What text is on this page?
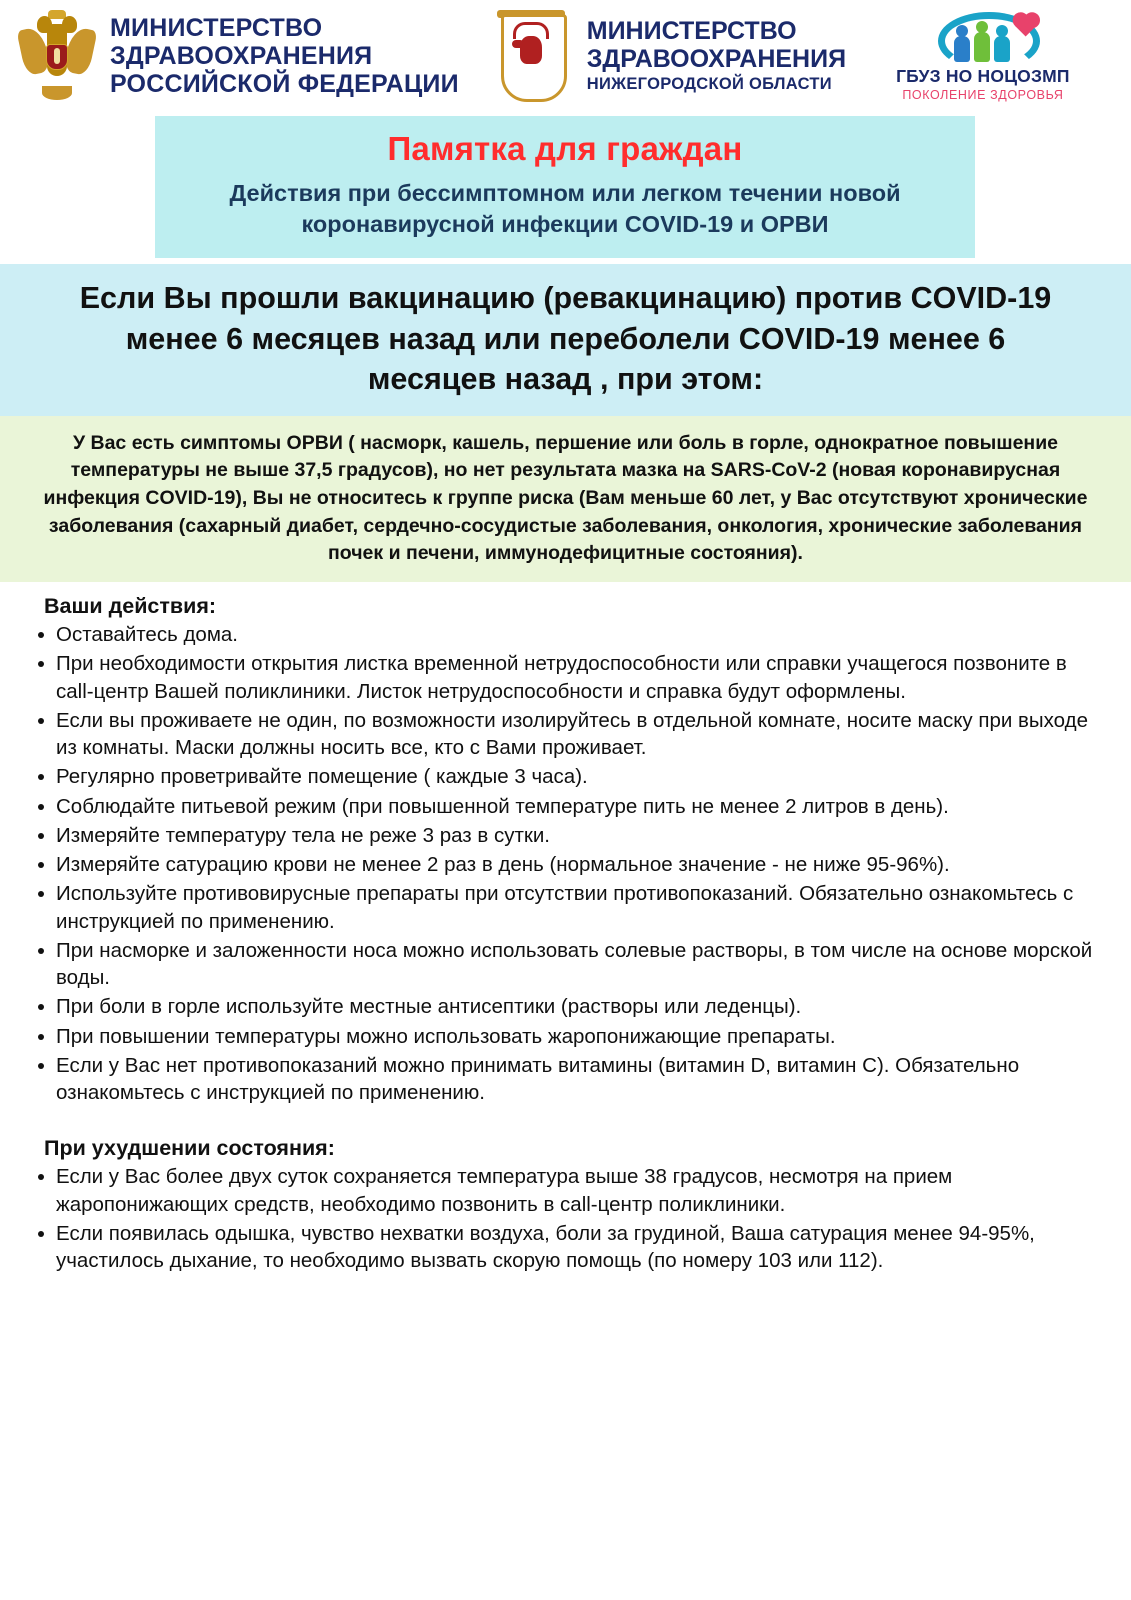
МИНИСТЕРСТВО
ЗДРАВООХРАНЕНИЯ
РОССИЙСКОЙ ФЕДЕРАЦИИ
МИНИСТЕРСТВО
ЗДРАВООХРАНЕНИЯ
НИЖЕГОРОДСКОЙ ОБЛАСТИ	ГБУЗ НО НОЦОЗМП
ПОКОЛЕНИЕ ЗДОРОВЬЯ
Памятка для граждан
Действия при бессимптомном или легком течении новой
коронавирусной инфекции COVID-19 и ОРВИ
Если Вы прошли вакцинацию (ревакцинацию) против COVID-19
менее 6 месяцев назад или переболели COVID-19 менее 6
месяцев назад , при этом:
У Вас есть симптомы ОРВИ ( насморк, кашель, першение или боль в горле, однократное повышение температуры не выше 37,5 градусов), но нет результата мазка на SARS-CoV-2 (новая коронавирусная инфекция COVID-19), Вы не относитесь к группе риска (Вам меньше 60 лет, у Вас отсутствуют хронические заболевания (сахарный диабет, сердечно-сосудистые заболевания, онкология, хронические заболевания почек и печени, иммунодефицитные состояния).
Ваши действия:
Оставайтесь дома.
При необходимости открытия листка временной нетрудоспособности или справки учащегося позвоните в call-центр Вашей поликлиники. Листок нетрудоспособности и справка будут оформлены.
Если вы проживаете не один, по возможности изолируйтесь в отдельной комнате, носите маску при выходе из комнаты. Маски должны носить все, кто с Вами проживает.
Регулярно проветривайте помещение ( каждые 3 часа).
Соблюдайте питьевой режим (при повышенной температуре пить не менее 2 литров в день).
Измеряйте температуру тела не реже 3 раз в сутки.
Измеряйте сатурацию крови не менее 2 раз в день (нормальное значение - не ниже 95-96%).
Используйте противовирусные препараты при отсутствии противопоказаний. Обязательно ознакомьтесь с инструкцией по применению.
При насморке и заложенности носа можно использовать солевые растворы, в том числе на основе морской воды.
При боли в горле используйте местные антисептики (растворы или леденцы).
При повышении температуры можно использовать жаропонижающие препараты.
Если у Вас нет противопоказаний можно принимать витамины (витамин D, витамин С). Обязательно ознакомьтесь с инструкцией по применению.
При ухудшении состояния:
Если у Вас более двух суток сохраняется температура выше 38 градусов, несмотря на прием жаропонижающих средств, необходимо позвонить в call-центр поликлиники.
Если появилась одышка, чувство нехватки воздуха, боли за грудиной, Ваша сатурация менее 94-95%, участилось дыхание, то необходимо вызвать скорую помощь (по номеру 103 или 112).
